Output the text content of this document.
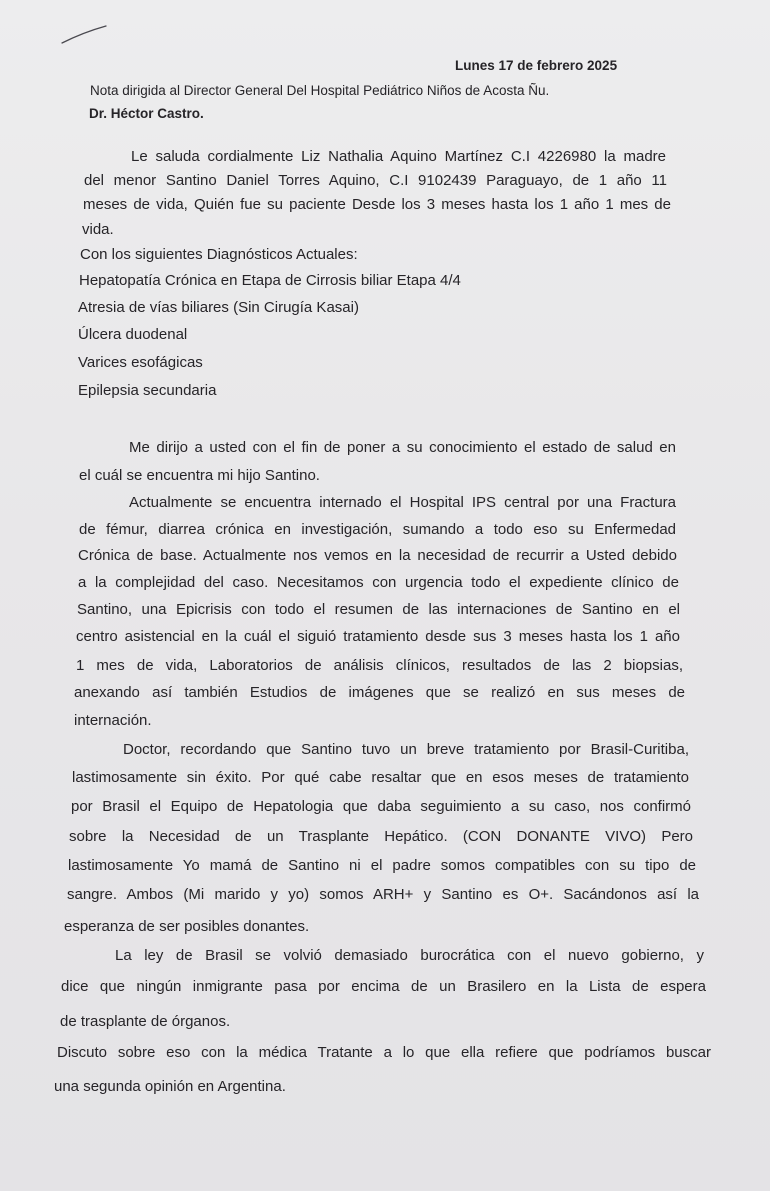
Lunes 17 de febrero 2025
Nota dirigida al Director General Del Hospital Pediátrico Niños de Acosta Ñu.
Dr. Héctor Castro.
Le saluda cordialmente Liz Nathalia Aquino Martínez C.I 4226980 la madre
del menor Santino Daniel Torres Aquino, C.I 9102439 Paraguayo, de 1 año 11
meses de vida, Quién fue su paciente Desde los 3 meses hasta los 1 año 1 mes de
vida.
Con los siguientes Diagnósticos Actuales:
Hepatopatía Crónica en Etapa de Cirrosis biliar Etapa 4/4
Atresia de vías biliares (Sin Cirugía Kasai)
Úlcera duodenal
Varices esofágicas
Epilepsia secundaria
Me dirijo a usted con el fin de poner a su conocimiento el estado de salud en
el cuál se encuentra mi hijo Santino.
Actualmente se encuentra internado el Hospital IPS central por una Fractura
de fémur, diarrea crónica en investigación, sumando a todo eso su Enfermedad
Crónica de base. Actualmente nos vemos en la necesidad de recurrir a Usted debido
a la complejidad del caso. Necesitamos con urgencia todo el expediente clínico de
Santino, una Epicrisis con todo el resumen de las internaciones de Santino en el
centro asistencial en la cuál el siguió tratamiento desde sus 3 meses hasta los 1 año
1 mes de vida, Laboratorios de análisis clínicos, resultados de las 2 biopsias,
anexando así también Estudios de imágenes que se realizó en sus meses de
internación.
Doctor, recordando que Santino tuvo un breve tratamiento por Brasil-Curitiba,
lastimosamente sin éxito. Por qué cabe resaltar que en esos meses de tratamiento
por Brasil el Equipo de Hepatologia que daba seguimiento a su caso, nos confirmó
sobre la Necesidad de un Trasplante Hepático. (CON DONANTE VIVO) Pero
lastimosamente Yo mamá de Santino ni el padre somos compatibles con su tipo de
sangre. Ambos (Mi marido y yo) somos ARH+ y Santino es O+. Sacándonos así la
esperanza de ser posibles donantes.
La ley de Brasil se volvió demasiado burocrática con el nuevo gobierno, y
dice que ningún inmigrante pasa por encima de un Brasilero en la Lista de espera
de trasplante de órganos.
Discuto sobre eso con la médica Tratante a lo que ella refiere que podríamos buscar
una segunda opinión en Argentina.
